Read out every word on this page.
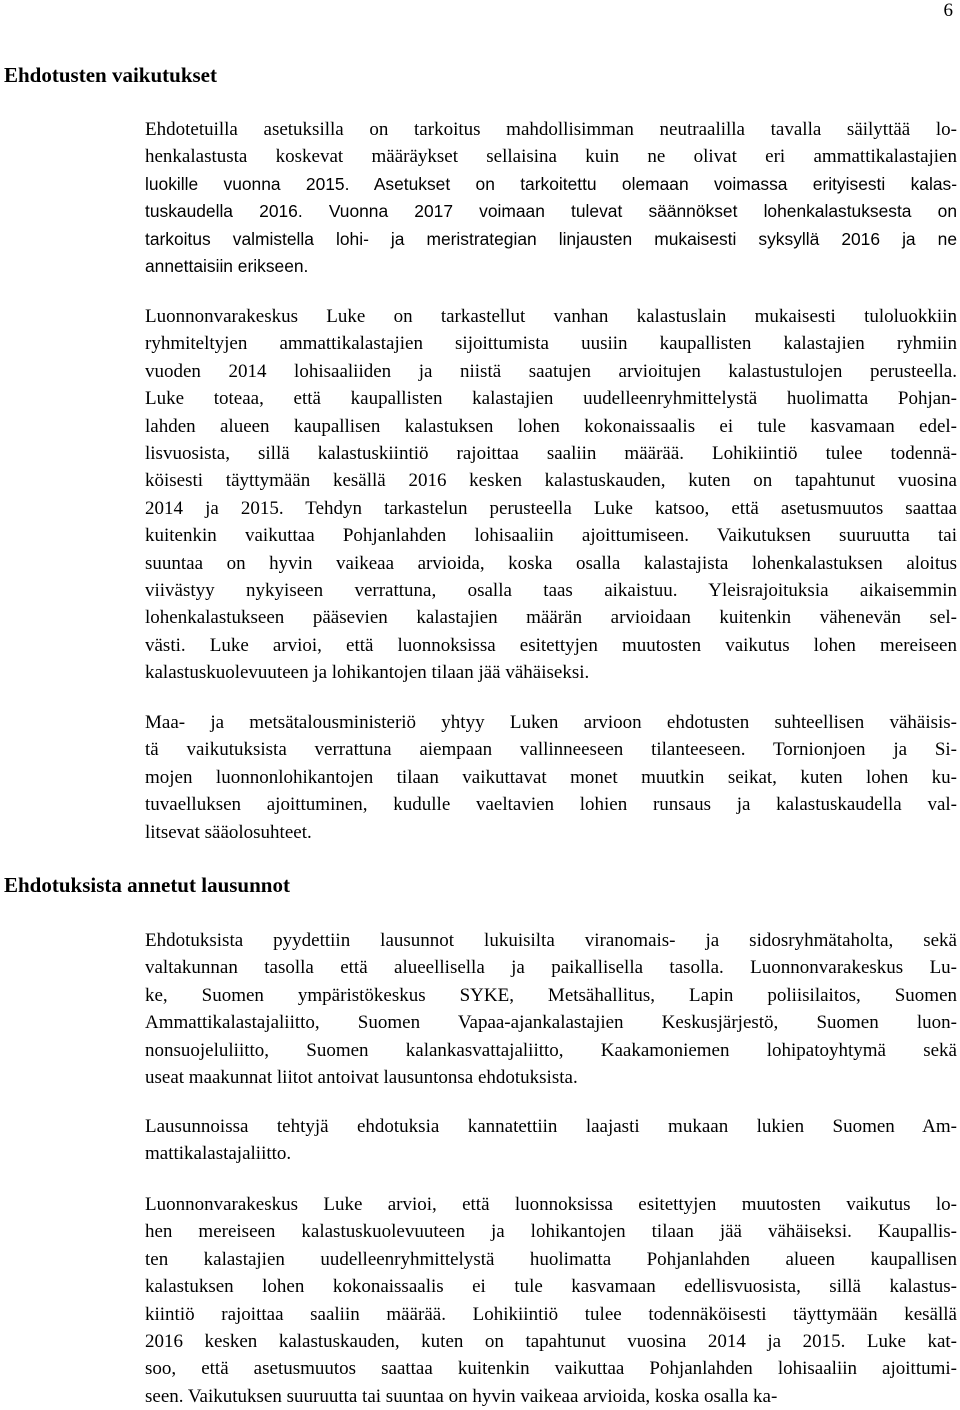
6
Ehdotusten vaikutukset
Ehdotetuilla asetuksilla on tarkoitus mahdollisimman neutraalilla tavalla säilyttää lo-
henkalastusta koskevat määräykset sellaisina kuin ne olivat eri ammattikalastajien
luokille vuonna 2015. Asetukset on tarkoitettu olemaan voimassa erityisesti kalas-
tuskaudella 2016. Vuonna 2017 voimaan tulevat säännökset lohenkalastuksesta on
tarkoitus valmistella lohi- ja meristrategian linjausten mukaisesti syksyllä 2016 ja ne
annettaisiin erikseen.
Luonnonvarakeskus Luke on tarkastellut vanhan kalastuslain mukaisesti tuloluokkiin
ryhmiteltyjen ammattikalastajien sijoittumista uusiin kaupallisten kalastajien ryhmiin
vuoden 2014 lohisaaliiden ja niistä saatujen arvioitujen kalastustulojen perusteella.
Luke toteaa, että kaupallisten kalastajien uudelleenryhmittelystä huolimatta Pohjan-
lahden alueen kaupallisen kalastuksen lohen kokonaissaalis ei tule kasvamaan edel-
lisvuosista, sillä kalastuskiintiö rajoittaa saaliin määrää. Lohikiintiö tulee todennä-
köisesti täyttymään kesällä 2016 kesken kalastuskauden, kuten on tapahtunut vuosina
2014 ja 2015. Tehdyn tarkastelun perusteella Luke katsoo, että asetusmuutos saattaa
kuitenkin vaikuttaa Pohjanlahden lohisaaliin ajoittumiseen. Vaikutuksen suuruutta tai
suuntaa on hyvin vaikeaa arvioida, koska osalla kalastajista lohenkalastuksen aloitus
viivästyy nykyiseen verrattuna, osalla taas aikaistuu. Yleisrajoituksia aikaisemmin
lohenkalastukseen pääsevien kalastajien määrän arvioidaan kuitenkin vähenevän sel-
västi. Luke arvioi, että luonnoksissa esitettyjen muutosten vaikutus lohen mereiseen
kalastuskuolevuuteen ja lohikantojen tilaan jää vähäiseksi.
Maa- ja metsätalousministeriö yhtyy Luken arvioon ehdotusten suhteellisen vähäisis-
tä vaikutuksista verrattuna aiempaan vallinneeseen tilanteeseen. Tornionjoen ja Si-
mojen luonnonlohikantojen tilaan vaikuttavat monet muutkin seikat, kuten lohen ku-
tuvaelluksen ajoittuminen, kudulle vaeltavien lohien runsaus ja kalastuskaudella val-
litsevat sääolosuhteet.
Ehdotuksista annetut lausunnot
Ehdotuksista pyydettiin lausunnot lukuisilta viranomais- ja sidosryhmätaholta, sekä
valtakunnan tasolla että alueellisella ja paikallisella tasolla. Luonnonvarakeskus Lu-
ke, Suomen ympäristökeskus SYKE, Metsähallitus, Lapin poliisilaitos, Suomen
Ammattikalastajaliitto, Suomen Vapaa-ajankalastajien Keskusjärjestö, Suomen luon-
nonsuojeluliitto, Suomen kalankasvattajaliitto, Kaakamoniemen lohipatoyhtymä sekä
useat maakunnat liitot antoivat lausuntonsa ehdotuksista.
Lausunnoissa tehtyjä ehdotuksia kannatettiin laajasti mukaan lukien Suomen Am-
mattikalastajaliitto.
Luonnonvarakeskus Luke arvioi, että luonnoksissa esitettyjen muutosten vaikutus lo-
hen mereiseen kalastuskuolevuuteen ja lohikantojen tilaan jää vähäiseksi. Kaupallis-
ten kalastajien uudelleenryhmittelystä huolimatta Pohjanlahden alueen kaupallisen
kalastuksen lohen kokonaissaalis ei tule kasvamaan edellisvuosista, sillä kalastus-
kiintiö rajoittaa saaliin määrää. Lohikiintiö tulee todennäköisesti täyttymään kesällä
2016 kesken kalastuskauden, kuten on tapahtunut vuosina 2014 ja 2015. Luke kat-
soo, että asetusmuutos saattaa kuitenkin vaikuttaa Pohjanlahden lohisaaliin ajoittumi-
seen. Vaikutuksen suuruutta tai suuntaa on hyvin vaikeaa arvioida, koska osalla ka-
